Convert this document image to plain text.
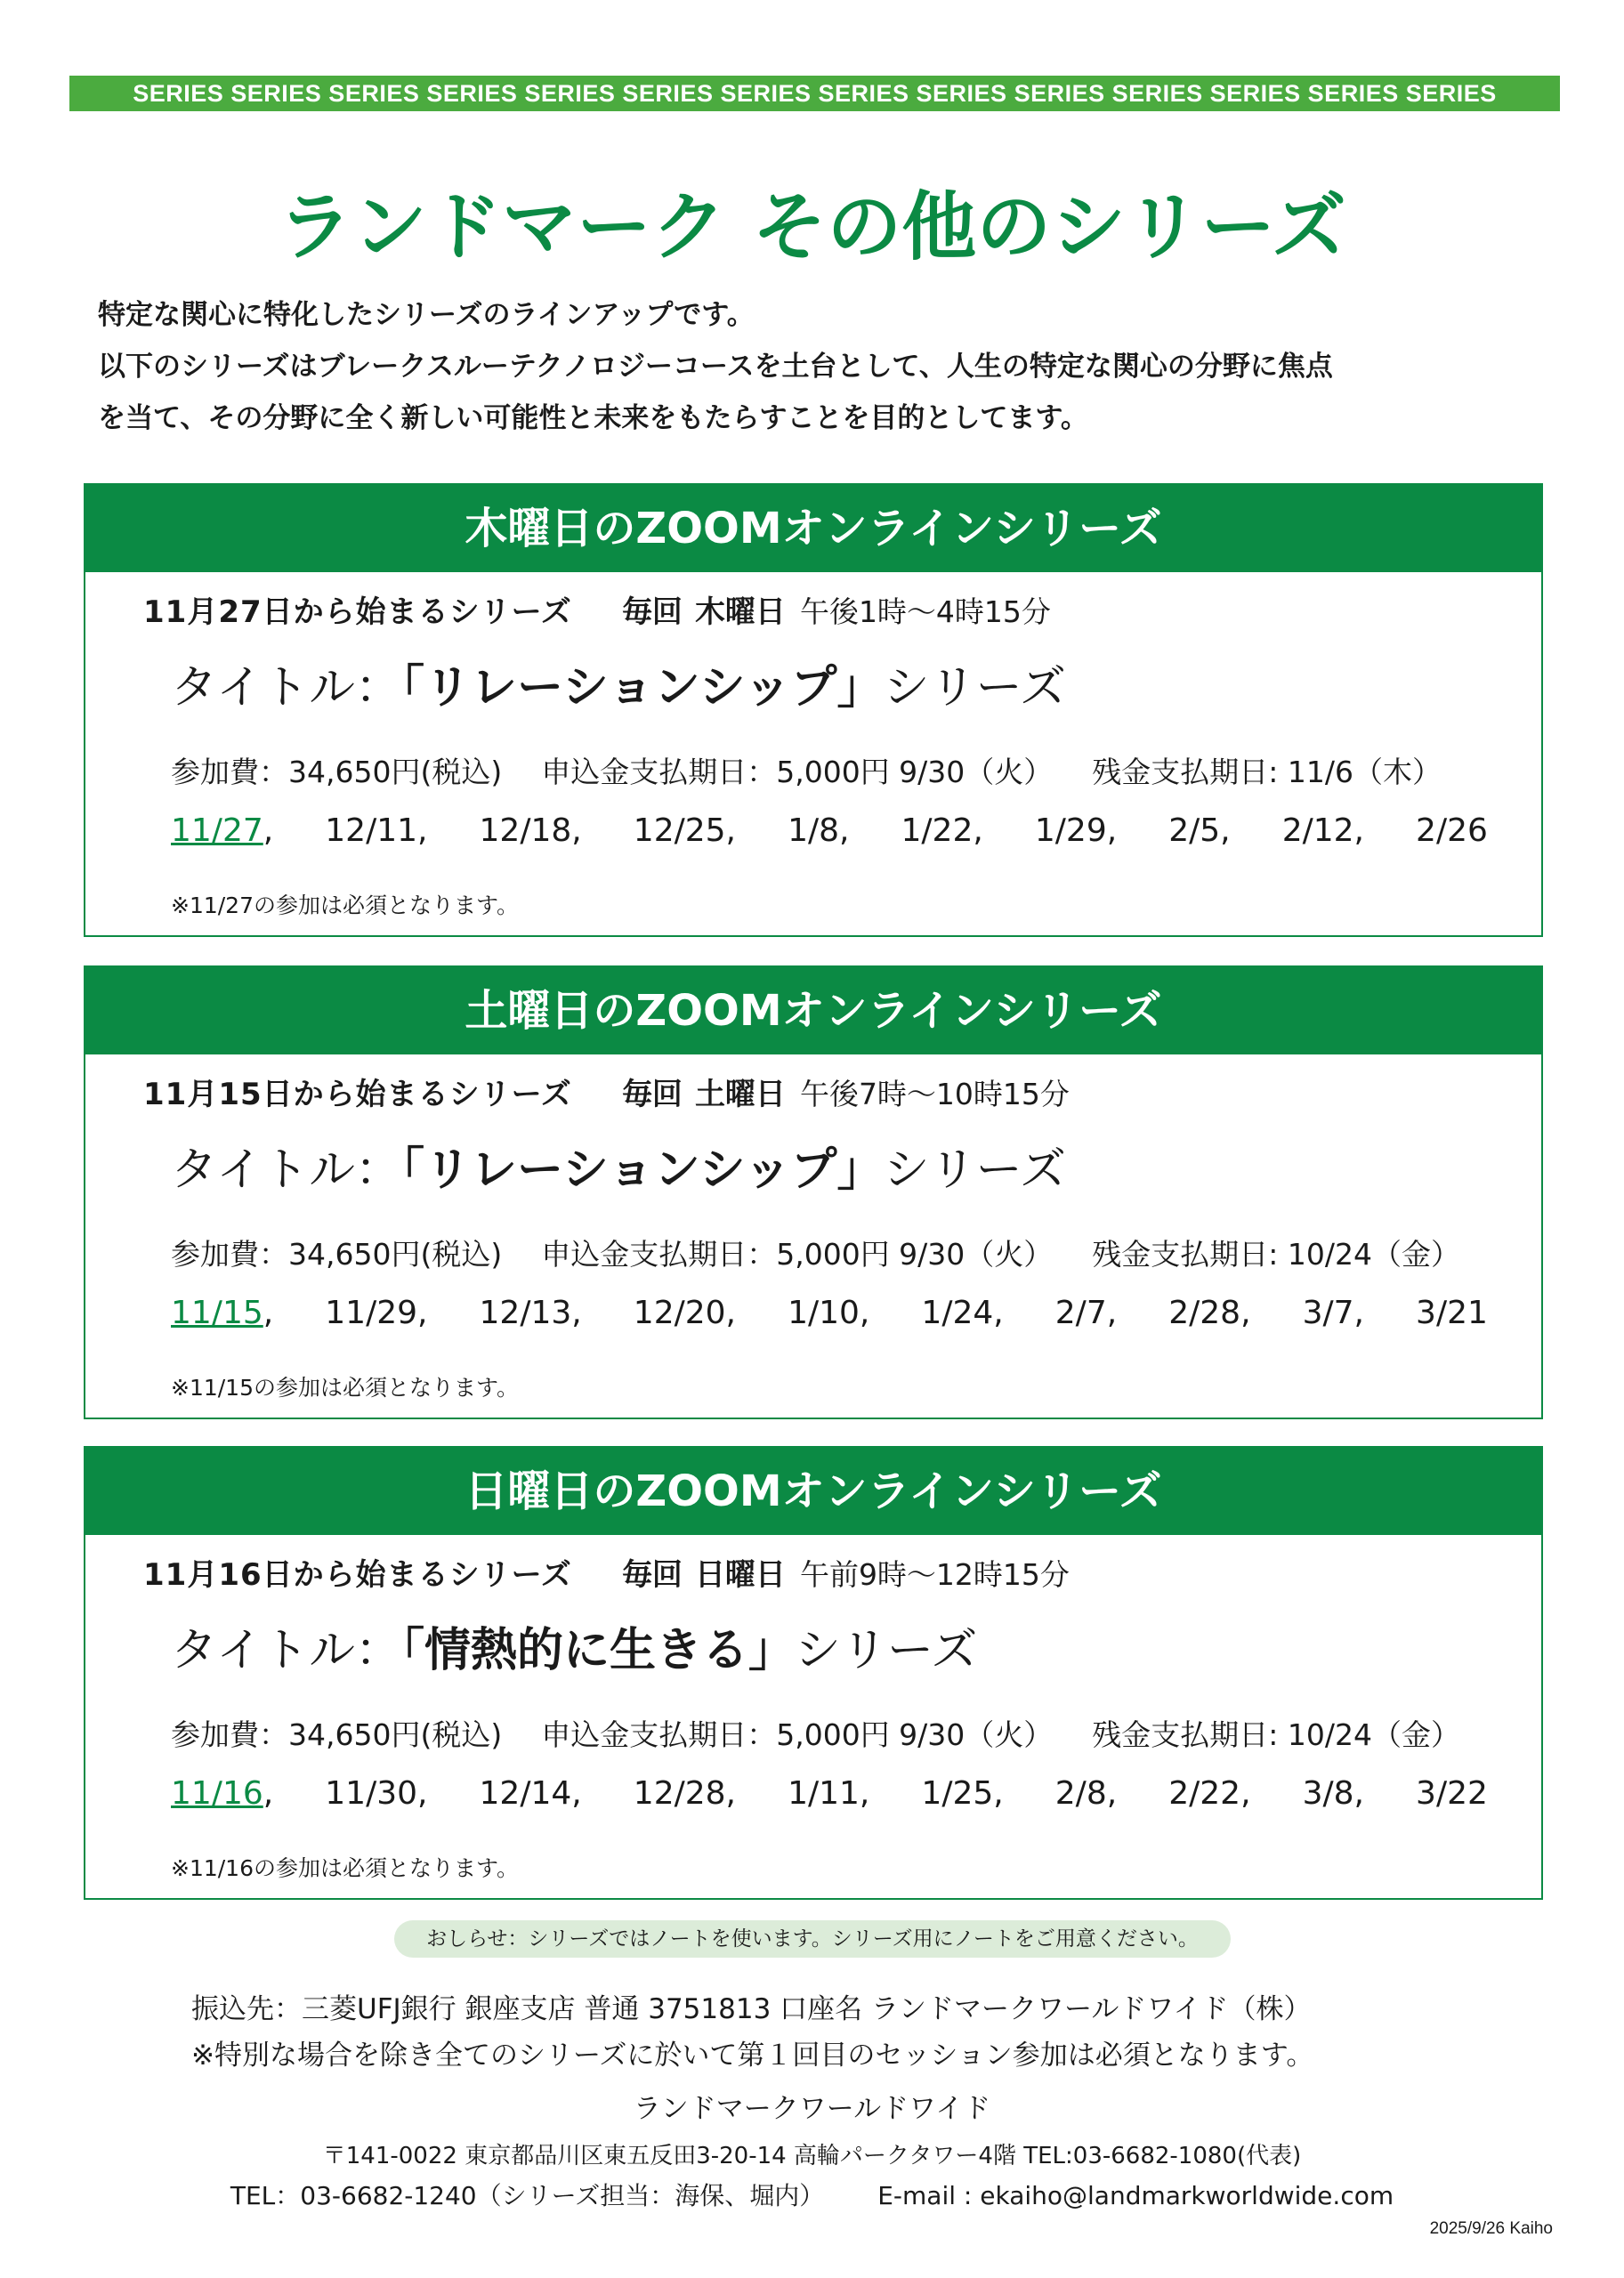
SERIES SERIES SERIES SERIES SERIES SERIES SERIES SERIES SERIES SERIES SERIES SERIES SERIES SERIES
ランドマーク その他のシリーズ

特定な関心に特化したシリーズのラインアップです。

以下のシリーズはブレークスルーテクノロジーコースを土台として、人生の特定な関心の分野に焦点

を当て、その分野に全く新しい可能性と未来をもたらすことを目的としてます。

木曜日のZOOMオンラインシリーズ
11月27日から始まるシリーズ 毎回 木曜日 午後1時～4時15分
タイトル：「リレーションシップ」シリーズ
参加費：34,650円(税込) 申込金支払期日：5,000円 9/30（火） 残金支払期日: 11/6（木）
11/27, 12/11, 12/18, 12/25, 1/8, 1/22, 1/29, 2/5, 2/12, 2/26
※11/27の参加は必須となります。
土曜日のZOOMオンラインシリーズ
11月15日から始まるシリーズ 毎回 土曜日 午後7時～10時15分
タイトル：「リレーションシップ」シリーズ
参加費：34,650円(税込) 申込金支払期日：5,000円 9/30（火） 残金支払期日: 10/24（金）
11/15, 11/29, 12/13, 12/20, 1/10, 1/24, 2/7, 2/28, 3/7, 3/21
※11/15の参加は必須となります。
日曜日のZOOMオンラインシリーズ
11月16日から始まるシリーズ 毎回 日曜日 午前9時～12時15分
タイトル：「情熱的に生きる」シリーズ
参加費：34,650円(税込) 申込金支払期日：5,000円 9/30（火） 残金支払期日: 10/24（金）
11/16, 11/30, 12/14, 12/28, 1/11, 1/25, 2/8, 2/22, 3/8, 3/22
※11/16の参加は必須となります。
おしらせ：シリーズではノートを使います。シリーズ用にノートをご用意ください。

振込先：三菱UFJ銀行 銀座支店 普通 3751813 口座名 ランドマークワールドワイド（株）

※特別な場合を除き全てのシリーズに於いて第１回目のセッション参加は必須となります。

ランドマークワールドワイド
〒141-0022 東京都品川区東五反田3-20-14 高輪パークタワー4階 TEL:03-6682-1080(代表)
TEL：03-6682-1240（シリーズ担当：海保、堀内） E-mail : ekaiho@landmarkworldwide.com
2025/9/26 Kaiho
